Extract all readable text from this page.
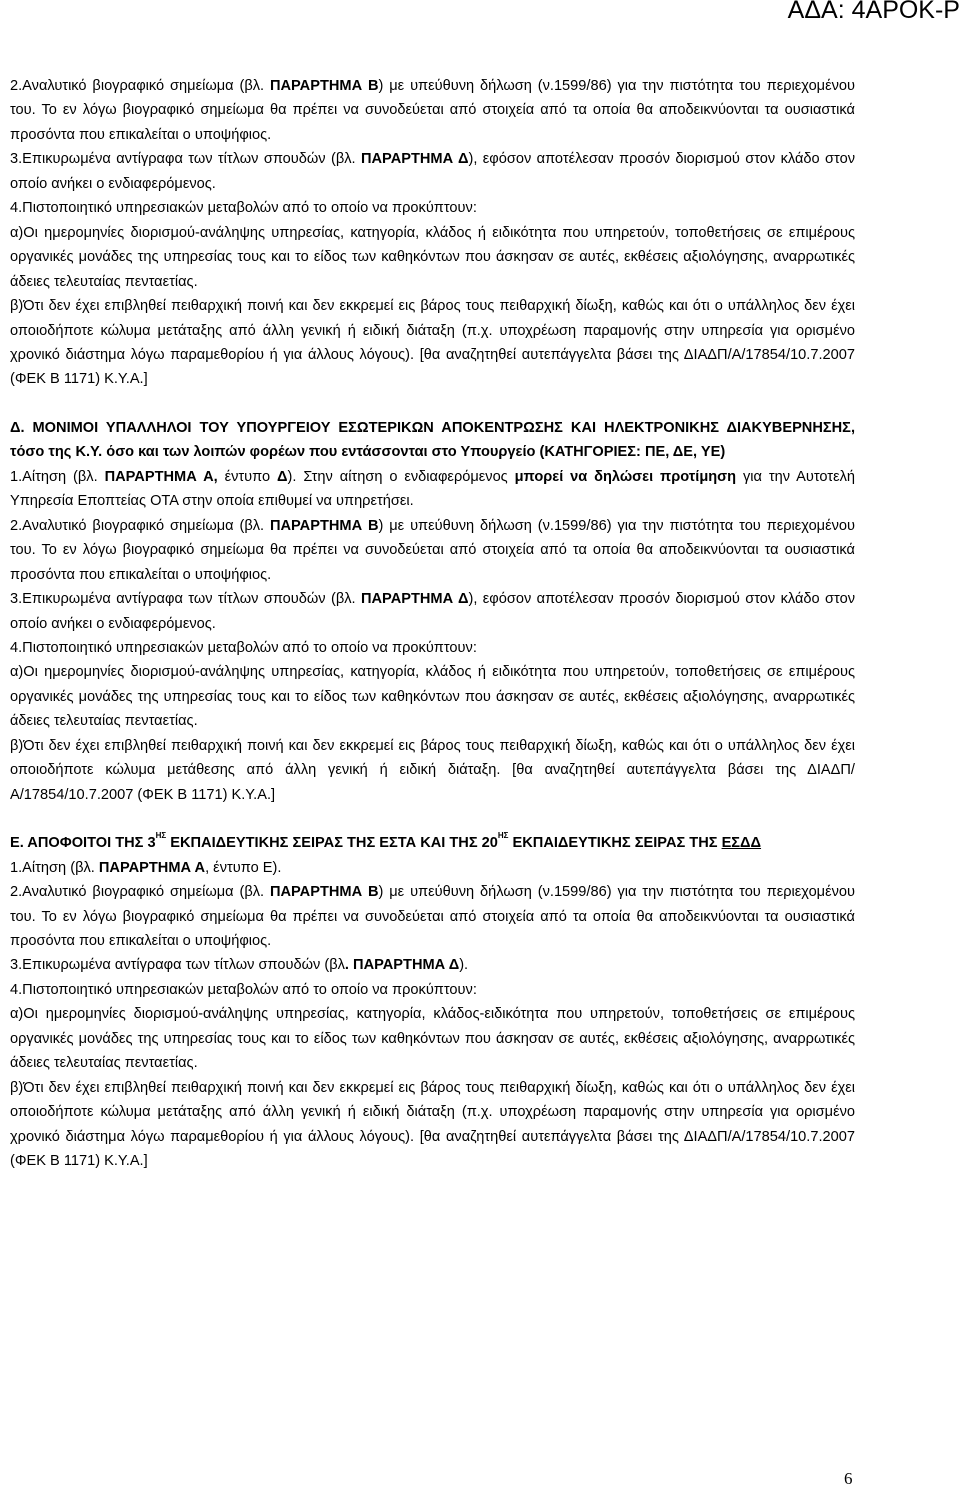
ΑΔΑ: 4ΑΡΟΚ-Ρ

2.Αναλυτικό βιογραφικό σημείωμα (βλ. ΠΑΡΑΡΤΗΜΑ Β) με υπεύθυνη δήλωση (ν.1599/86) για την πιστότητα του περιεχομένου του. Το εν λόγω βιογραφικό σημείωμα θα πρέπει να συνοδεύεται από στοιχεία από τα οποία θα αποδεικνύονται τα ουσιαστικά προσόντα που επικαλείται ο υποψήφιος.

3.Επικυρωμένα αντίγραφα των τίτλων σπουδών (βλ. ΠΑΡΑΡΤΗΜΑ Δ), εφόσον αποτέλεσαν προσόν διορισμού στον κλάδο στον οποίο ανήκει ο ενδιαφερόμενος.

4.Πιστοποιητικό υπηρεσιακών μεταβολών από το οποίο να προκύπτουν:

α)Οι ημερομηνίες διορισμού-ανάληψης υπηρεσίας, κατηγορία, κλάδος ή ειδικότητα που υπηρετούν, τοποθετήσεις σε επιμέρους οργανικές μονάδες της υπηρεσίας τους και το είδος των καθηκόντων που άσκησαν σε αυτές, εκθέσεις αξιολόγησης, αναρρωτικές άδειες τελευταίας πενταετίας.

β)Ότι δεν έχει επιβληθεί πειθαρχική ποινή και δεν εκκρεμεί εις βάρος τους πειθαρχική δίωξη, καθώς και ότι ο υπάλληλος δεν έχει οποιοδήποτε κώλυμα μετάταξης από άλλη γενική ή ειδική διάταξη (π.χ. υποχρέωση παραμονής στην υπηρεσία για ορισμένο χρονικό διάστημα λόγω παραμεθορίου ή για άλλους λόγους). [θα αναζητηθεί αυτεπάγγελτα βάσει της ΔΙΑΔΠ/Α/17854/10.7.2007 (ΦΕΚ Β 1171) Κ.Υ.Α.]

Δ. ΜΟΝΙΜΟΙ ΥΠΑΛΛΗΛΟΙ ΤΟΥ ΥΠΟΥΡΓΕΙΟΥ ΕΣΩΤΕΡΙΚΩΝ ΑΠΟΚΕΝΤΡΩΣΗΣ ΚΑΙ ΗΛΕΚΤΡΟΝΙΚΗΣ ΔΙΑΚΥΒΕΡΝΗΣΗΣ, τόσο της Κ.Υ. όσο και των λοιπών φορέων που εντάσσονται στο Υπουργείο (ΚΑΤΗΓΟΡΙΕΣ: ΠΕ, ΔΕ, ΥΕ)

1.Αίτηση (βλ. ΠΑΡΑΡΤΗΜΑ Α, έντυπο Δ). Στην αίτηση ο ενδιαφερόμενος μπορεί να δηλώσει προτίμηση για την Αυτοτελή Υπηρεσία Εποπτείας ΟΤΑ στην οποία επιθυμεί να υπηρετήσει.

2.Αναλυτικό βιογραφικό σημείωμα (βλ. ΠΑΡΑΡΤΗΜΑ Β) με υπεύθυνη δήλωση (ν.1599/86) για την πιστότητα του περιεχομένου του. Το εν λόγω βιογραφικό σημείωμα θα πρέπει να συνοδεύεται από στοιχεία από τα οποία θα αποδεικνύονται τα ουσιαστικά προσόντα που επικαλείται ο υποψήφιος.

3.Επικυρωμένα αντίγραφα των τίτλων σπουδών (βλ. ΠΑΡΑΡΤΗΜΑ Δ), εφόσον αποτέλεσαν προσόν διορισμού στον κλάδο στον οποίο ανήκει ο ενδιαφερόμενος.

4.Πιστοποιητικό υπηρεσιακών μεταβολών από το οποίο να προκύπτουν:

α)Οι ημερομηνίες διορισμού-ανάληψης υπηρεσίας, κατηγορία, κλάδος ή ειδικότητα που υπηρετούν, τοποθετήσεις σε επιμέρους οργανικές μονάδες της υπηρεσίας τους και το είδος των καθηκόντων που άσκησαν σε αυτές, εκθέσεις αξιολόγησης, αναρρωτικές άδειες τελευταίας πενταετίας.

β)Ότι δεν έχει επιβληθεί πειθαρχική ποινή και δεν εκκρεμεί εις βάρος τους πειθαρχική δίωξη, καθώς και ότι ο υπάλληλος δεν έχει οποιοδήποτε κώλυμα μετάθεσης από άλλη γενική ή ειδική διάταξη. [θα αναζητηθεί αυτεπάγγελτα βάσει της ΔΙΑΔΠ/Α/17854/10.7.2007 (ΦΕΚ Β 1171) Κ.Υ.Α.]

Ε. ΑΠΟΦΟΙΤΟΙ ΤΗΣ $3^{H\Sigma}$ ΕΚΠΑΙΔΕΥΤΙΚΗΣ ΣΕΙΡΑΣ ΤΗΣ ΕΣΤΑ ΚΑΙ ΤΗΣ $20^{H\Sigma}$ ΕΚΠΑΙΔΕΥΤΙΚΗΣ ΣΕΙΡΑΣ ΤΗΣ ΕΣΔΔ

1.Αίτηση (βλ. ΠΑΡΑΡΤΗΜΑ Α, έντυπο Ε).

2.Αναλυτικό βιογραφικό σημείωμα (βλ. ΠΑΡΑΡΤΗΜΑ Β) με υπεύθυνη δήλωση (ν.1599/86) για την πιστότητα του περιεχομένου του. Το εν λόγω βιογραφικό σημείωμα θα πρέπει να συνοδεύεται από στοιχεία από τα οποία θα αποδεικνύονται τα ουσιαστικά προσόντα που επικαλείται ο υποψήφιος.

3.Επικυρωμένα αντίγραφα των τίτλων σπουδών (βλ. ΠΑΡΑΡΤΗΜΑ Δ).

4.Πιστοποιητικό υπηρεσιακών μεταβολών από το οποίο να προκύπτουν:

α)Οι ημερομηνίες διορισμού-ανάληψης υπηρεσίας, κατηγορία, κλάδος-ειδικότητα που υπηρετούν, τοποθετήσεις σε επιμέρους οργανικές μονάδες της υπηρεσίας τους και το είδος των καθηκόντων που άσκησαν σε αυτές, εκθέσεις αξιολόγησης, αναρρωτικές άδειες τελευταίας πενταετίας.

β)Ότι δεν έχει επιβληθεί πειθαρχική ποινή και δεν εκκρεμεί εις βάρος τους πειθαρχική δίωξη, καθώς και ότι ο υπάλληλος δεν έχει οποιοδήποτε κώλυμα μετάταξης από άλλη γενική ή ειδική διάταξη (π.χ. υποχρέωση παραμονής στην υπηρεσία για ορισμένο χρονικό διάστημα λόγω παραμεθορίου ή για άλλους λόγους). [θα αναζητηθεί αυτεπάγγελτα βάσει της ΔΙΑΔΠ/Α/17854/10.7.2007 (ΦΕΚ Β 1171) Κ.Υ.Α.]

6
